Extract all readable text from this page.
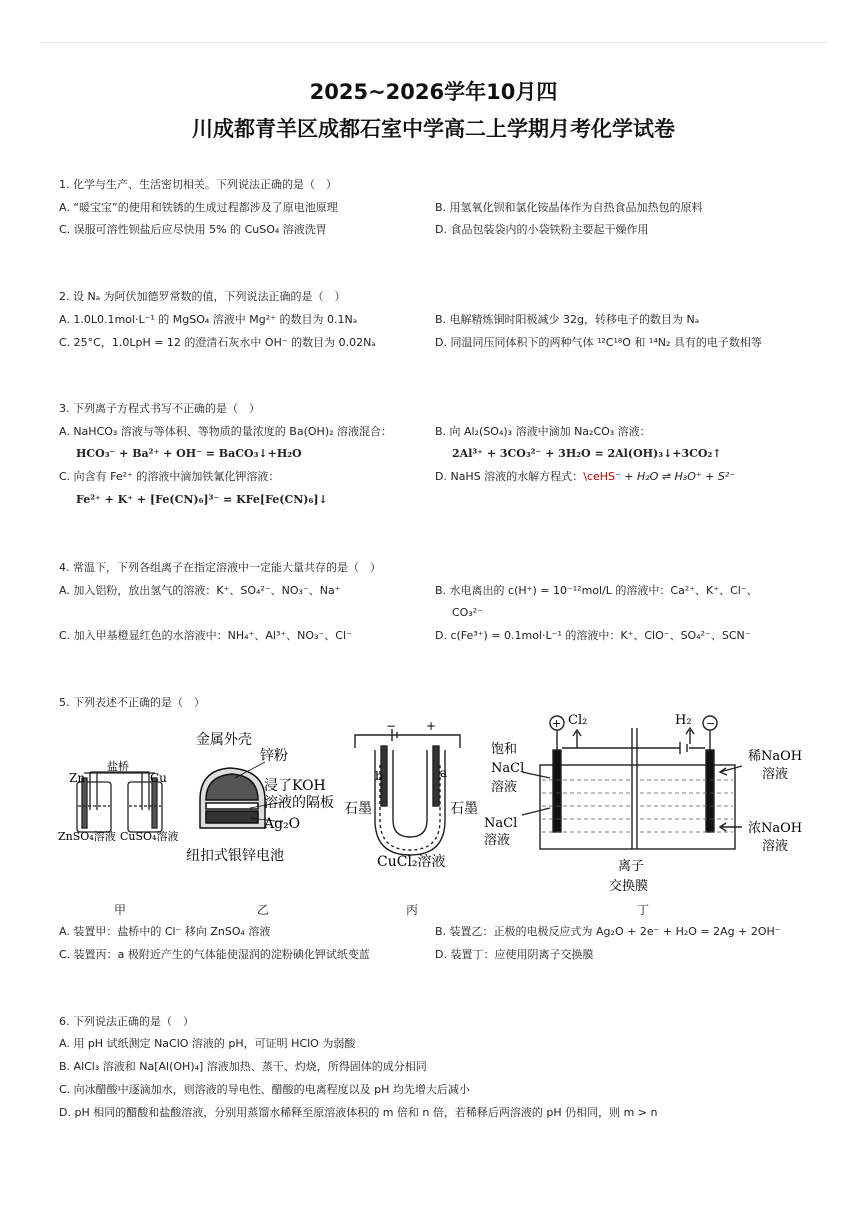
2025~2026学年10月四
川成都青羊区成都石室中学高二上学期月考化学试卷
1. 化学与生产、生活密切相关。下列说法正确的是（　）
A. “暖宝宝”的使用和铁锈的生成过程都涉及了原电池原理	B. 用氢氧化钡和氯化铵晶体作为自热食品加热包的原料
C. 误服可溶性钡盐后应尽快用 5% 的 CuSO₄ 溶液洗胃	D. 食品包装袋内的小袋铁粉主要起干燥作用
2. 设 Nₐ 为阿伏加德罗常数的值，下列说法正确的是（　）
A. 1.0L0.1mol·L⁻¹ 的 MgSO₄ 溶液中 Mg²⁺ 的数目为 0.1Nₐ	B. 电解精炼铜时阳极减少 32g，转移电子的数目为 Nₐ
C. 25°C，1.0LpH = 12 的澄清石灰水中 OH⁻ 的数目为 0.02Nₐ	D. 同温同压同体积下的两种气体 ¹²C¹⁸O 和 ¹⁴N₂ 具有的电子数相等
3. 下列离子方程式书写不正确的是（　）
A. NaHCO₃ 溶液与等体积、等物质的量浓度的 Ba(OH)₂ 溶液混合：
HCO₃⁻ + Ba²⁺ + OH⁻ = BaCO₃↓+H₂O
B. 向 Al₂(SO₄)₃ 溶液中滴加 Na₂CO₃ 溶液：
2Al³⁺ + 3CO₃²⁻ + 3H₂O = 2Al(OH)₃↓+3CO₂↑
C. 向含有 Fe²⁺ 的溶液中滴加铁氰化钾溶液：
Fe²⁺ + K⁺ + [Fe(CN)₆]³⁻ = KFe[Fe(CN)₆]↓
D. NaHS 溶液的水解方程式：\ceHS⁻ + H₂O ⇌ H₃O⁺ + S²⁻
4. 常温下，下列各组离子在指定溶液中一定能大量共存的是（　）
A. 加入铝粉，放出氢气的溶液：K⁺、SO₄²⁻、NO₃⁻、Na⁺	B. 水电离出的 c(H⁺) = 10⁻¹²mol/L 的溶液中：Ca²⁺、K⁺、Cl⁻、
CO₃²⁻
C. 加入甲基橙显红色的水溶液中：NH₄⁺、Al³⁺、NO₃⁻、Cl⁻	D. c(Fe³⁺) = 0.1mol·L⁻¹ 的溶液中：K⁺、ClO⁻、SO₄²⁻、SCN⁻
5. 下列表述不正确的是（　）
Zn	Cu
盐桥
ZnSO₄溶液 CuSO₄溶液
金属外壳
锌粉
浸了KOH
溶液的隔板
Ag₂O
纽扣式银锌电池
− +
b	a
石墨	石墨
CuCl₂溶液
+	−
Cl₂	H₂
饱和
NaCl
溶液
NaCl
溶液
稀NaOH
溶液
浓NaOH
溶液
离子
交换膜
甲	乙	丙	丁
A. 装置甲：盐桥中的 Cl⁻ 移向 ZnSO₄ 溶液	B. 装置乙：正极的电极反应式为 Ag₂O + 2e⁻ + H₂O = 2Ag + 2OH⁻
C. 装置丙：a 极附近产生的气体能使湿润的淀粉碘化钾试纸变蓝	D. 装置丁：应使用阴离子交换膜
6. 下列说法正确的是（　）
A. 用 pH 试纸测定 NaClO 溶液的 pH，可证明 HClO 为弱酸
B. AlCl₃ 溶液和 Na[Al(OH)₄] 溶液加热、蒸干、灼烧，所得固体的成分相同
C. 向冰醋酸中逐滴加水，则溶液的导电性、醋酸的电离程度以及 pH 均先增大后减小
D. pH 相同的醋酸和盐酸溶液，分别用蒸馏水稀释至原溶液体积的 m 倍和 n 倍，若稀释后两溶液的 pH 仍相同，则 m > n
